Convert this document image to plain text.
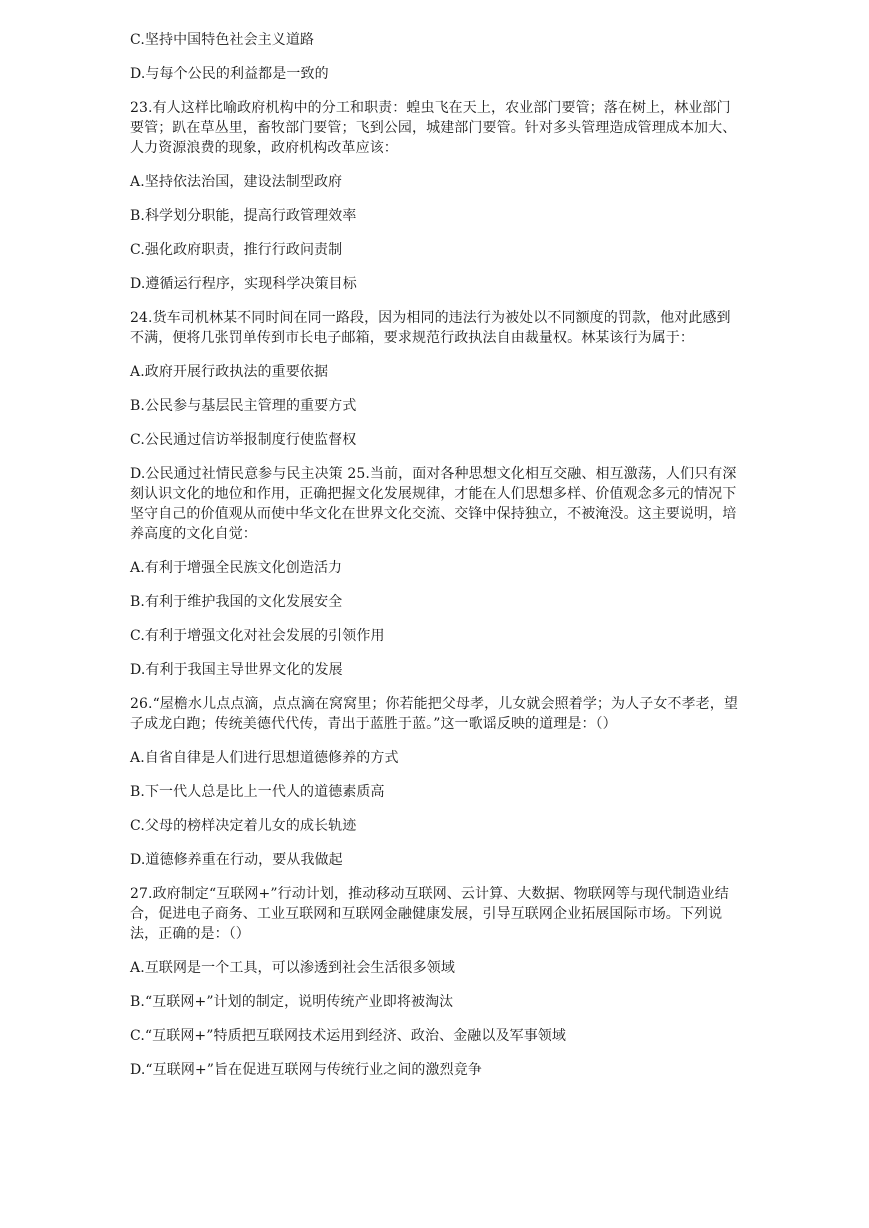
C.坚持中国特色社会主义道路

D.与每个公民的利益都是一致的

23.有人这样比喻政府机构中的分工和职责：蝗虫飞在天上，农业部门要管；落在树上，林业部门要管；趴在草丛里，畜牧部门要管；飞到公园，城建部门要管。针对多头管理造成管理成本加大、人力资源浪费的现象，政府机构改革应该：

A.坚持依法治国，建设法制型政府

B.科学划分职能，提高行政管理效率

C.强化政府职责，推行行政问责制

D.遵循运行程序，实现科学决策目标

24.货车司机林某不同时间在同一路段，因为相同的违法行为被处以不同额度的罚款，他对此感到不满，便将几张罚单传到市长电子邮箱，要求规范行政执法自由裁量权。林某该行为属于：

A.政府开展行政执法的重要依据

B.公民参与基层民主管理的重要方式

C.公民通过信访举报制度行使监督权

D.公民通过社情民意参与民主决策 25.当前，面对各种思想文化相互交融、相互激荡，人们只有深刻认识文化的地位和作用，正确把握文化发展规律，才能在人们思想多样、价值观念多元的情况下坚守自己的价值观从而使中华文化在世界文化交流、交锋中保持独立，不被淹没。这主要说明，培养高度的文化自觉：

A.有利于增强全民族文化创造活力

B.有利于维护我国的文化发展安全

C.有利于增强文化对社会发展的引领作用

D.有利于我国主导世界文化的发展

26.“屋檐水儿点点滴，点点滴在窝窝里；你若能把父母孝，儿女就会照着学；为人子女不孝老，望子成龙白跑；传统美德代代传，青出于蓝胜于蓝。”这一歌谣反映的道理是：（）

A.自省自律是人们进行思想道德修养的方式

B.下一代人总是比上一代人的道德素质高

C.父母的榜样决定着儿女的成长轨迹

D.道德修养重在行动，要从我做起

27.政府制定“互联网+”行动计划，推动移动互联网、云计算、大数据、物联网等与现代制造业结合，促进电子商务、工业互联网和互联网金融健康发展，引导互联网企业拓展国际市场。下列说法，正确的是：（）

A.互联网是一个工具，可以渗透到社会生活很多领域

B.“互联网+”计划的制定，说明传统产业即将被淘汰

C.“互联网+”特质把互联网技术运用到经济、政治、金融以及军事领域

D.“互联网+”旨在促进互联网与传统行业之间的激烈竞争
